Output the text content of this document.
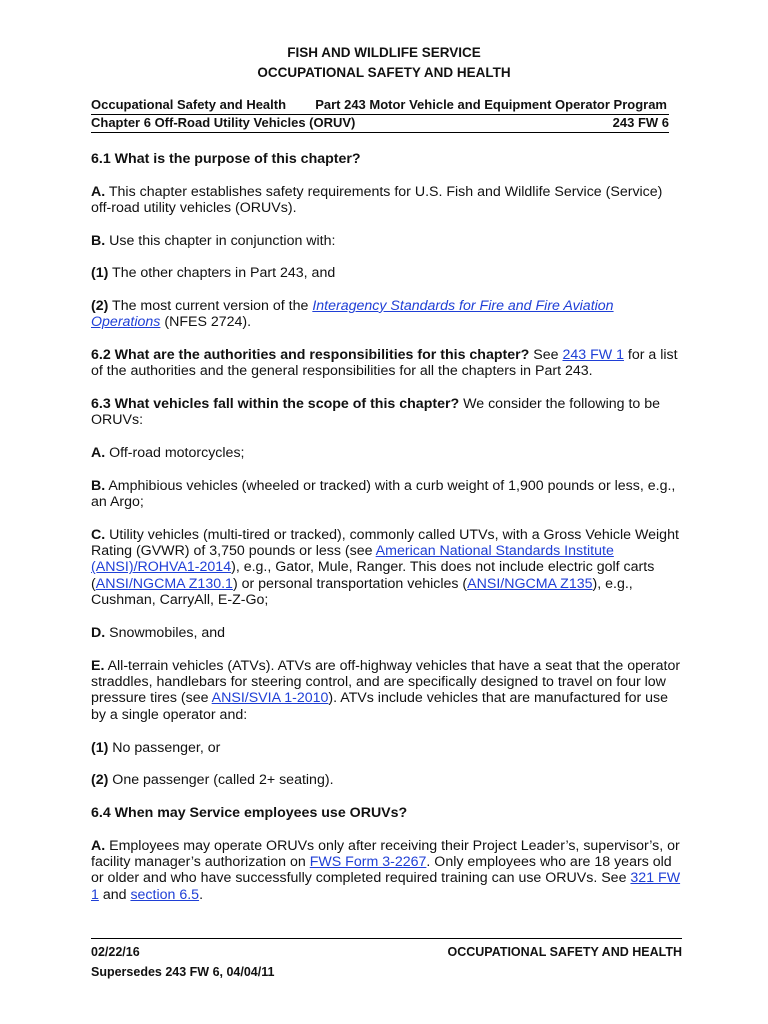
FISH AND WILDLIFE SERVICE
OCCUPATIONAL SAFETY AND HEALTH
Occupational Safety and Health Part 243 Motor Vehicle and Equipment Operator Program
Chapter 6 Off-Road Utility Vehicles (ORUV)	243 FW 6

6.1 What is the purpose of this chapter?

A. This chapter establishes safety requirements for U.S. Fish and Wildlife Service (Service) off-road utility vehicles (ORUVs).

B. Use this chapter in conjunction with:

(1) The other chapters in Part 243, and

(2) The most current version of the Interagency Standards for Fire and Fire Aviation Operations (NFES 2724).

6.2 What are the authorities and responsibilities for this chapter? See 243 FW 1 for a list of the authorities and the general responsibilities for all the chapters in Part 243.

6.3 What vehicles fall within the scope of this chapter? We consider the following to be ORUVs:

A. Off-road motorcycles;

B. Amphibious vehicles (wheeled or tracked) with a curb weight of 1,900 pounds or less, e.g., an Argo;

C. Utility vehicles (multi-tired or tracked), commonly called UTVs, with a Gross Vehicle Weight Rating (GVWR) of 3,750 pounds or less (see American National Standards Institute (ANSI)/ROHVA1-2014), e.g., Gator, Mule, Ranger. This does not include electric golf carts (ANSI/NGCMA Z130.1) or personal transportation vehicles (ANSI/NGCMA Z135), e.g., Cushman, CarryAll, E-Z-Go;

D. Snowmobiles, and

E. All-terrain vehicles (ATVs). ATVs are off-highway vehicles that have a seat that the operator straddles, handlebars for steering control, and are specifically designed to travel on four low pressure tires (see ANSI/SVIA 1-2010). ATVs include vehicles that are manufactured for use by a single operator and:

(1) No passenger, or

(2) One passenger (called 2+ seating).

6.4 When may Service employees use ORUVs?

A. Employees may operate ORUVs only after receiving their Project Leader’s, supervisor’s, or facility manager’s authorization on FWS Form 3-2267. Only employees who are 18 years old or older and who have successfully completed required training can use ORUVs. See 321 FW 1 and section 6.5.

02/22/16	OCCUPATIONAL SAFETY AND HEALTH
Supersedes 243 FW 6, 04/04/11
